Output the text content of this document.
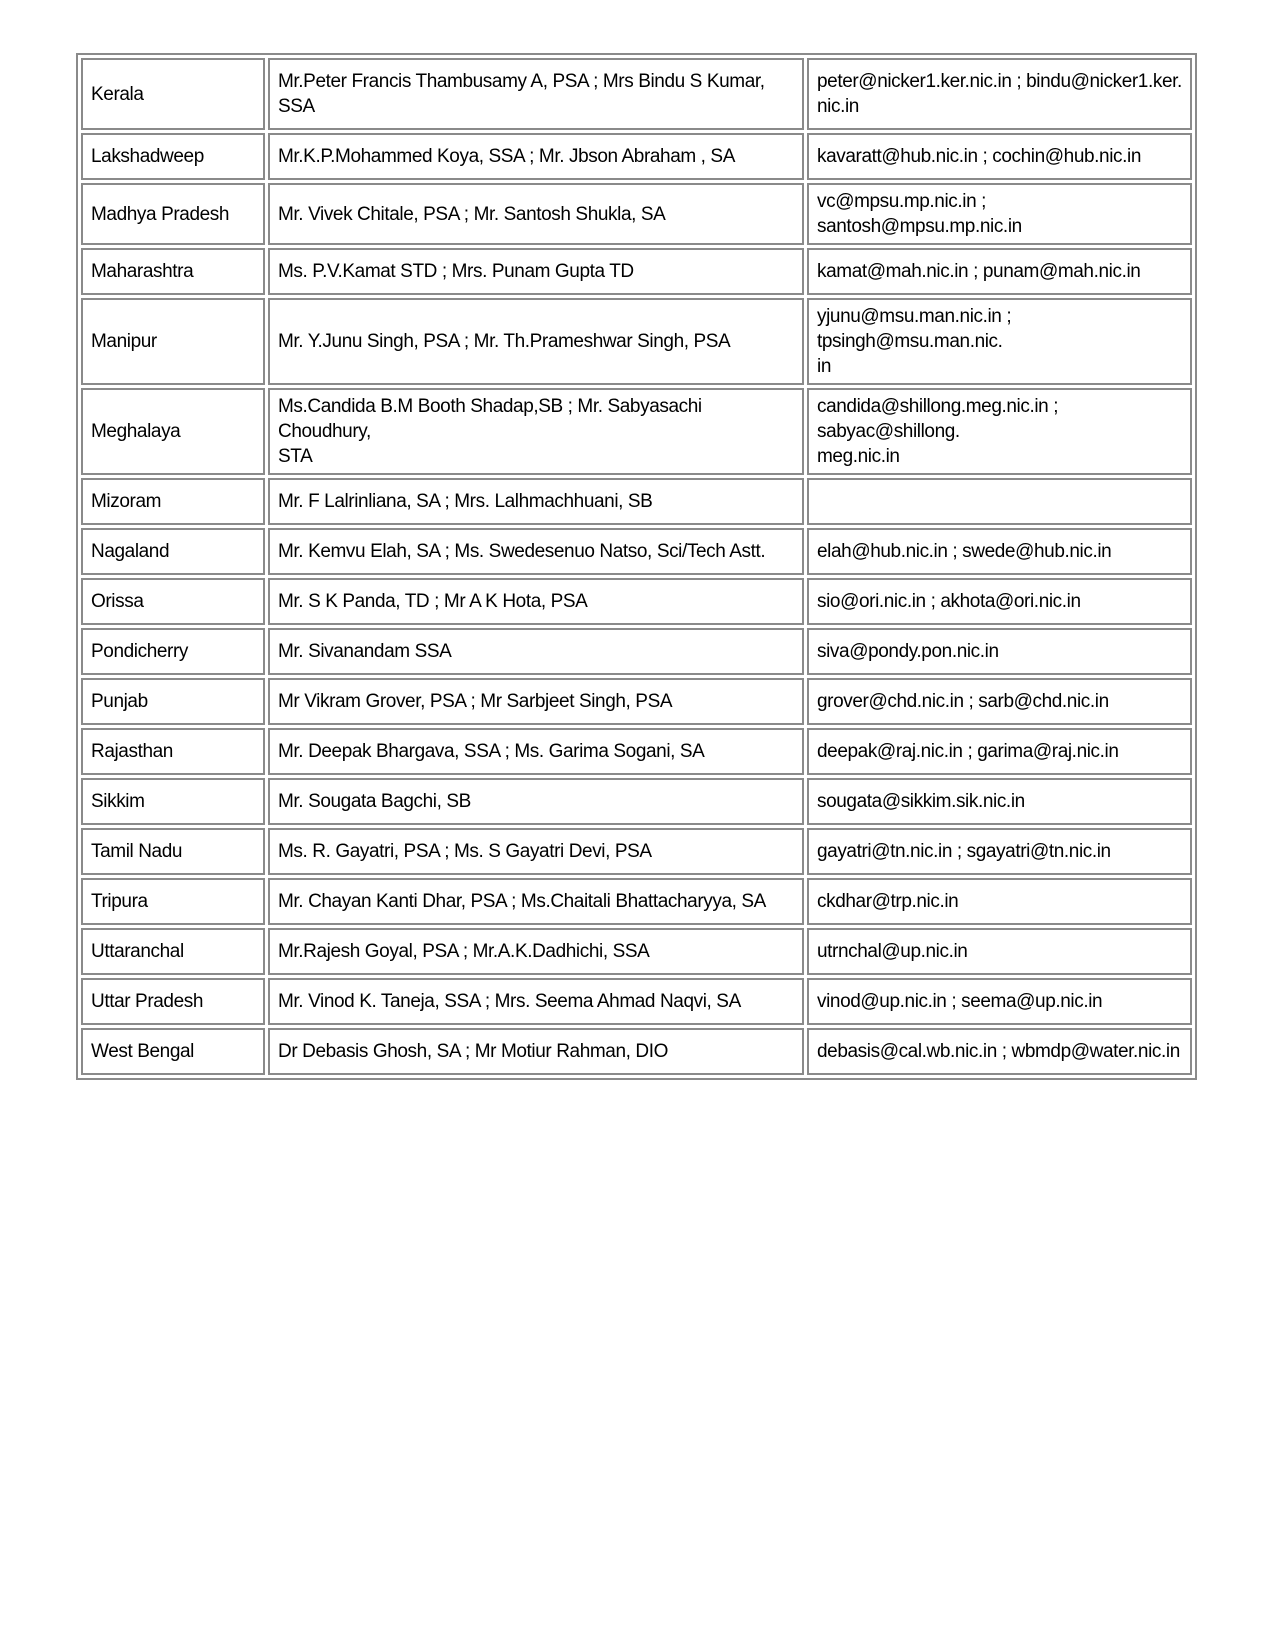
Kerala	Mr.Peter Francis Thambusamy A, PSA ; Mrs Bindu S Kumar, SSA	peter@nicker1.ker.nic.in ; bindu@nicker1.ker.
nic.in
Lakshadweep	Mr.K.P.Mohammed Koya, SSA ; Mr. Jbson Abraham , SA	kavaratt@hub.nic.in ; cochin@hub.nic.in
Madhya Pradesh	Mr. Vivek Chitale, PSA ; Mr. Santosh Shukla, SA	vc@mpsu.mp.nic.in ; santosh@mpsu.mp.nic.in
Maharashtra	Ms. P.V.Kamat STD ; Mrs. Punam Gupta TD	kamat@mah.nic.in ; punam@mah.nic.in
Manipur	Mr. Y.Junu Singh, PSA ; Mr. Th.Prameshwar Singh, PSA	yjunu@msu.man.nic.in ; tpsingh@msu.man.nic.
in
Meghalaya	Ms.Candida B.M Booth Shadap,SB ; Mr. Sabyasachi Choudhury,
STA	candida@shillong.meg.nic.in ; sabyac@shillong.
meg.nic.in
Mizoram	Mr. F Lalrinliana, SA ; Mrs. Lalhmachhuani, SB	
Nagaland	Mr. Kemvu Elah, SA ; Ms. Swedesenuo Natso, Sci/Tech Astt.	elah@hub.nic.in ; swede@hub.nic.in
Orissa	Mr. S K Panda, TD ; Mr A K Hota, PSA	sio@ori.nic.in ; akhota@ori.nic.in
Pondicherry	Mr. Sivanandam SSA	siva@pondy.pon.nic.in
Punjab	Mr Vikram Grover, PSA ; Mr Sarbjeet Singh, PSA	grover@chd.nic.in ; sarb@chd.nic.in
Rajasthan	Mr. Deepak Bhargava, SSA ; Ms. Garima Sogani, SA	deepak@raj.nic.in ; garima@raj.nic.in
Sikkim	Mr. Sougata Bagchi, SB	sougata@sikkim.sik.nic.in
Tamil Nadu	Ms. R. Gayatri, PSA ; Ms. S Gayatri Devi, PSA	gayatri@tn.nic.in ; sgayatri@tn.nic.in
Tripura	Mr. Chayan Kanti Dhar, PSA ; Ms.Chaitali Bhattacharyya, SA	ckdhar@trp.nic.in
Uttaranchal	Mr.Rajesh Goyal, PSA ; Mr.A.K.Dadhichi, SSA	utrnchal@up.nic.in
Uttar Pradesh	Mr. Vinod K. Taneja, SSA ; Mrs. Seema Ahmad Naqvi, SA	vinod@up.nic.in ; seema@up.nic.in
West Bengal	Dr Debasis Ghosh, SA ; Mr Motiur Rahman, DIO	debasis@cal.wb.nic.in ; wbmdp@water.nic.in
